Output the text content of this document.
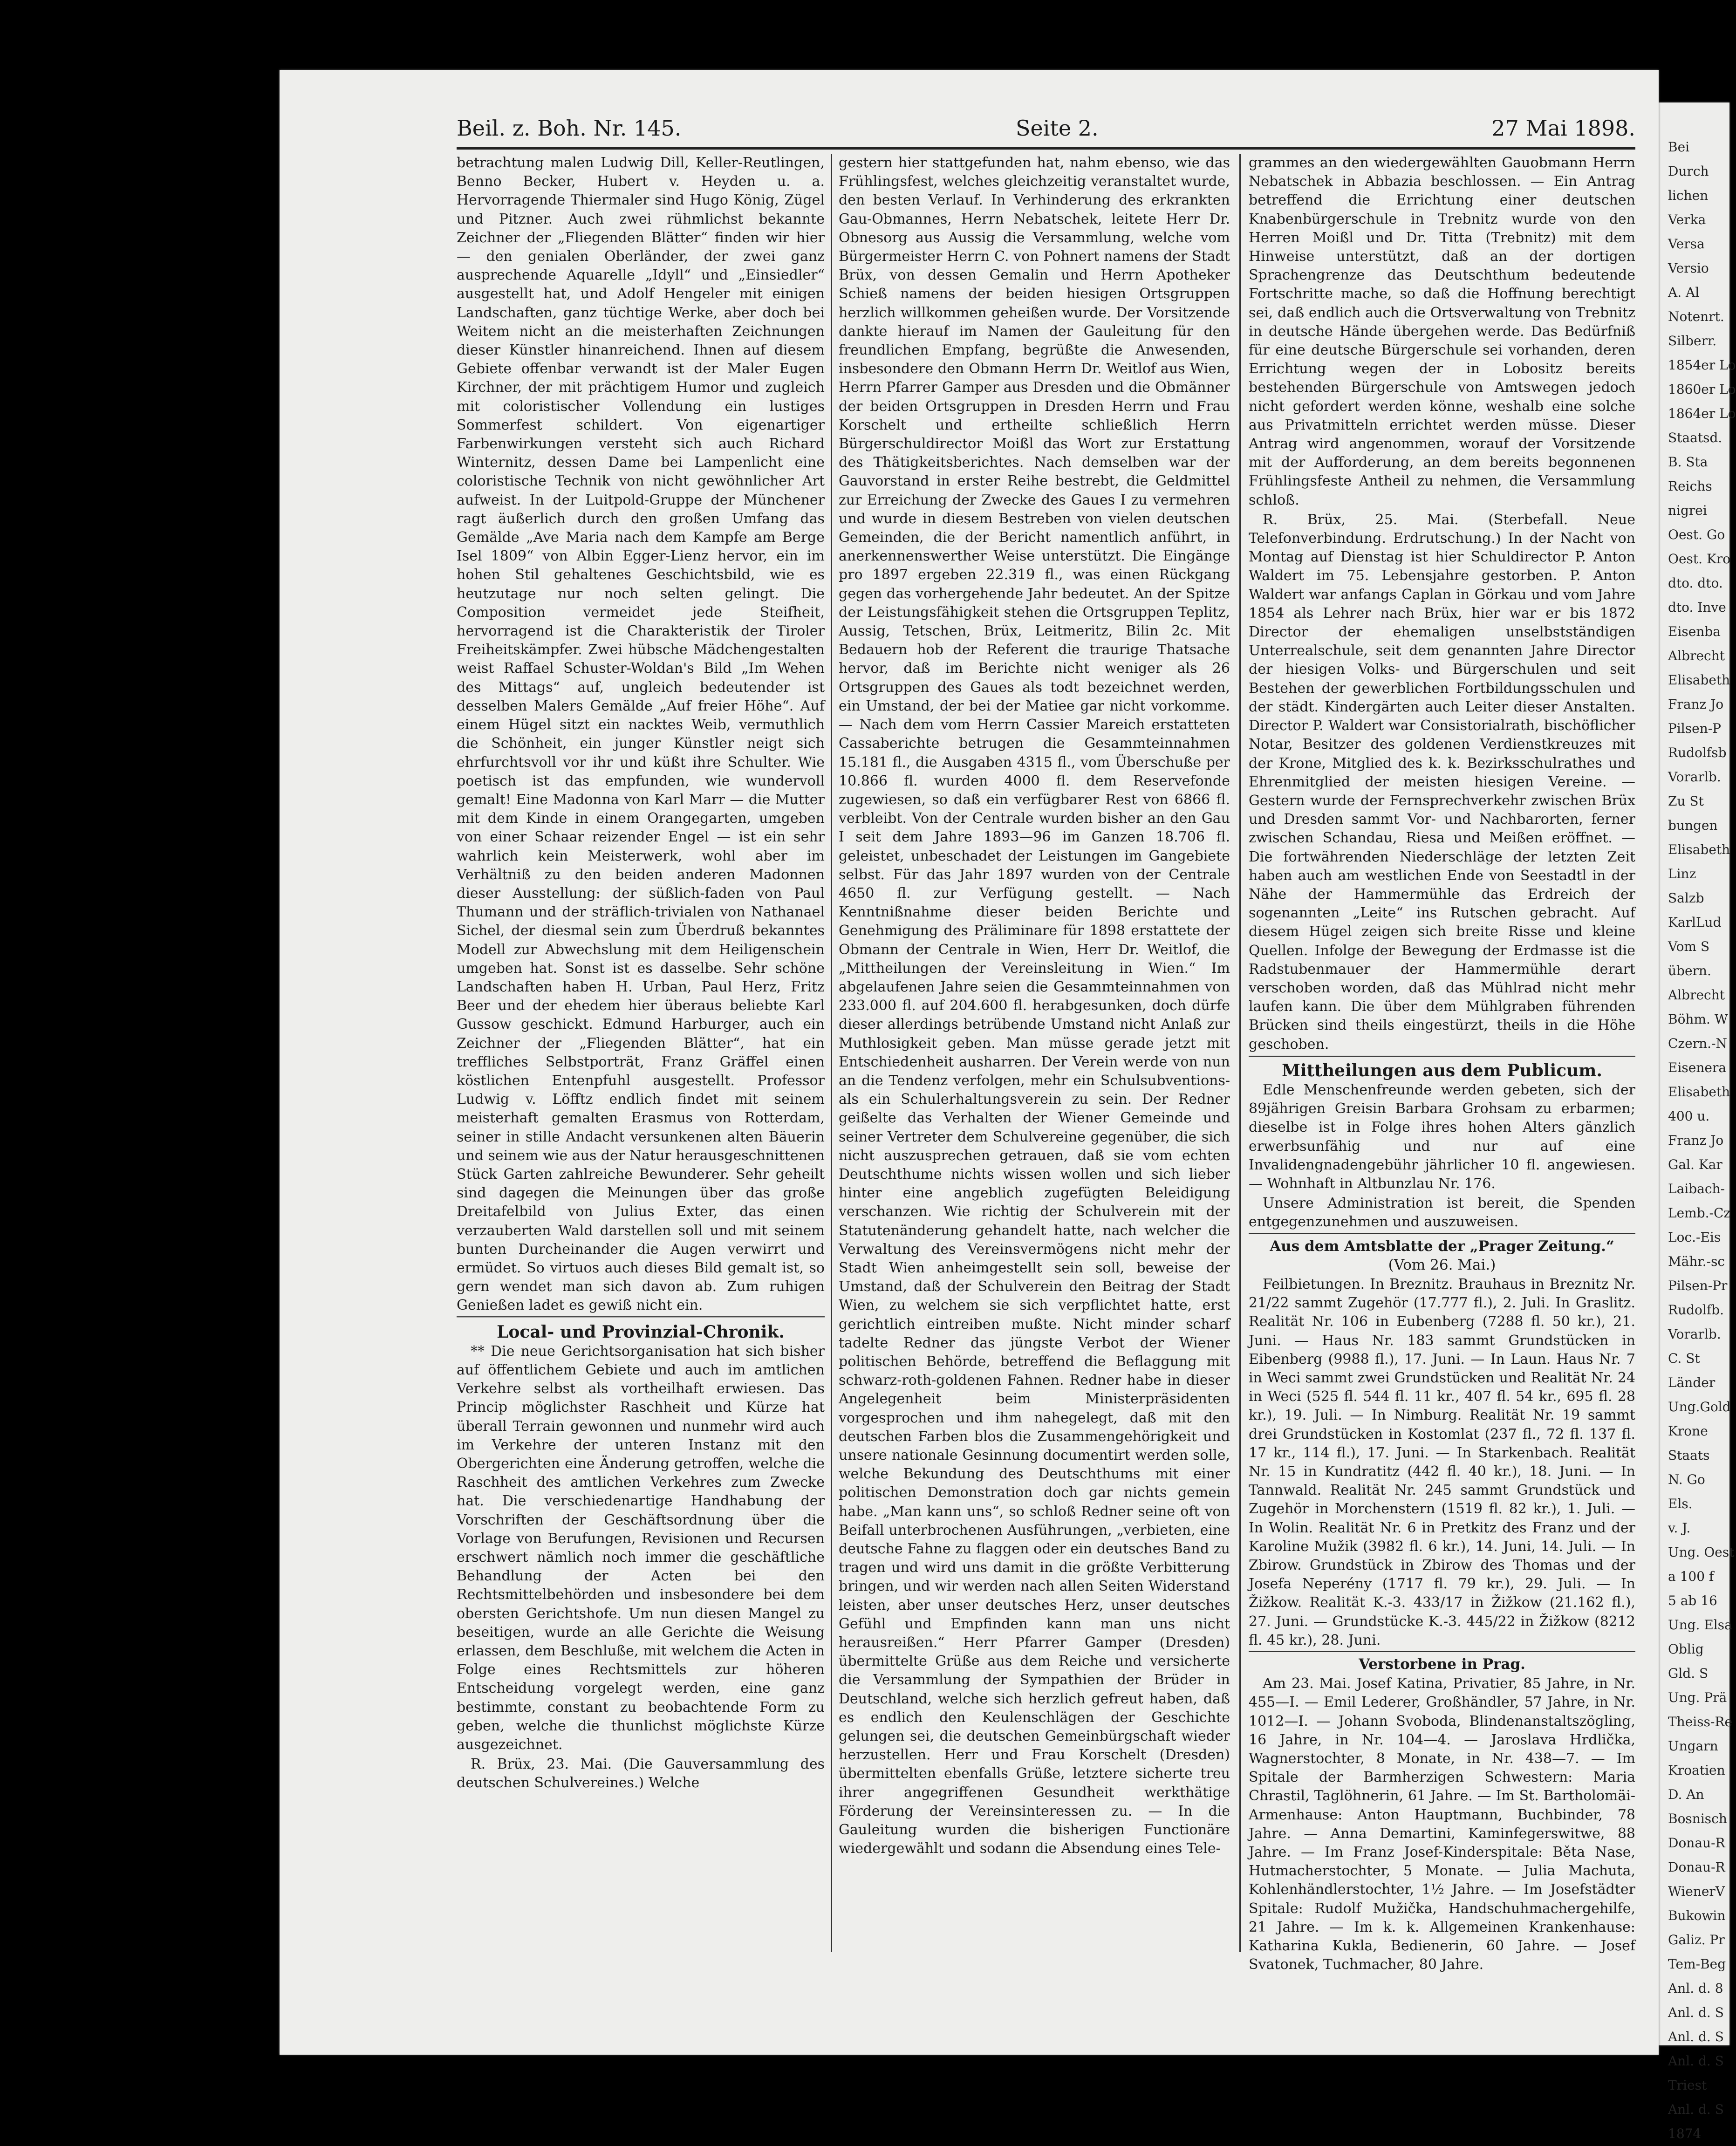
Beil. z. Boh. Nr. 145.	Seite 2.	27 Mai 1898.

betrachtung malen Ludwig Dill, Keller-Reutlingen, Benno Becker, Hubert v. Heyden u. a. Hervorragende Thiermaler sind Hugo König, Zügel und Pitzner. Auch zwei rühmlichst bekannte Zeichner der „Fliegenden Blätter“ finden wir hier — den genialen Oberländer, der zwei ganz ausprechende Aquarelle „Idyll“ und „Einsiedler“ ausgestellt hat, und Adolf Hengeler mit einigen Landschaften, ganz tüchtige Werke, aber doch bei Weitem nicht an die meisterhaften Zeichnungen dieser Künstler hinanreichend. Ihnen auf diesem Gebiete offenbar verwandt ist der Maler Eugen Kirchner, der mit prächtigem Humor und zugleich mit coloristischer Vollendung ein lustiges Sommerfest schildert. Von eigenartiger Farbenwirkungen versteht sich auch Richard Winternitz, dessen Dame bei Lampenlicht eine coloristische Technik von nicht gewöhnlicher Art aufweist. In der Luitpold-Gruppe der Münchener ragt äußerlich durch den großen Umfang das Gemälde „Ave Maria nach dem Kampfe am Berge Isel 1809“ von Albin Egger-Lienz hervor, ein im hohen Stil gehaltenes Geschichtsbild, wie es heutzutage nur noch selten gelingt. Die Composition vermeidet jede Steifheit, hervorragend ist die Charakteristik der Tiroler Freiheitskämpfer. Zwei hübsche Mädchengestalten weist Raffael Schuster-Woldan's Bild „Im Wehen des Mittags“ auf, ungleich bedeutender ist desselben Malers Gemälde „Auf freier Höhe“. Auf einem Hügel sitzt ein nacktes Weib, vermuthlich die Schönheit, ein junger Künstler neigt sich ehrfurchtsvoll vor ihr und küßt ihre Schulter. Wie poetisch ist das empfunden, wie wundervoll gemalt! Eine Madonna von Karl Marr — die Mutter mit dem Kinde in einem Orangegarten, umgeben von einer Schaar reizender Engel — ist ein sehr wahrlich kein Meisterwerk, wohl aber im Verhältniß zu den beiden anderen Madonnen dieser Ausstellung: der süßlich-faden von Paul Thumann und der sträflich-trivialen von Nathanael Sichel, der diesmal sein zum Überdruß bekanntes Modell zur Abwechslung mit dem Heiligenschein umgeben hat. Sonst ist es dasselbe. Sehr schöne Landschaften haben H. Urban, Paul Herz, Fritz Beer und der ehedem hier überaus beliebte Karl Gussow geschickt. Edmund Harburger, auch ein Zeichner der „Fliegenden Blätter“, hat ein treffliches Selbstporträt, Franz Gräffel einen köstlichen Entenpfuhl ausgestellt. Professor Ludwig v. Löfftz endlich findet mit seinem meisterhaft gemalten Erasmus von Rotterdam, seiner in stille Andacht versunkenen alten Bäuerin und seinem wie aus der Natur herausgeschnittenen Stück Garten zahlreiche Bewunderer. Sehr geheilt sind dagegen die Meinungen über das große Dreitafelbild von Julius Exter, das einen verzauberten Wald darstellen soll und mit seinem bunten Durcheinander die Augen verwirrt und ermüdet. So virtuos auch dieses Bild gemalt ist, so gern wendet man sich davon ab. Zum ruhigen Genießen ladet es gewiß nicht ein.

Local- und Provinzial-Chronik.

** Die neue Gerichtsorganisation hat sich bisher auf öffentlichem Gebiete und auch im amtlichen Verkehre selbst als vortheilhaft erwiesen. Das Princip möglichster Raschheit und Kürze hat überall Terrain gewonnen und nunmehr wird auch im Verkehre der unteren Instanz mit den Obergerichten eine Änderung getroffen, welche die Raschheit des amtlichen Verkehres zum Zwecke hat. Die verschiedenartige Handhabung der Vorschriften der Geschäftsordnung über die Vorlage von Berufungen, Revisionen und Recursen erschwert nämlich noch immer die geschäftliche Behandlung der Acten bei den Rechtsmittelbehörden und insbesondere bei dem obersten Gerichtshofe. Um nun diesen Mangel zu beseitigen, wurde an alle Gerichte die Weisung erlassen, dem Beschluße, mit welchem die Acten in Folge eines Rechtsmittels zur höheren Entscheidung vorgelegt werden, eine ganz bestimmte, constant zu beobachtende Form zu geben, welche die thunlichst möglichste Kürze ausgezeichnet.

R. Brüx, 23. Mai. (Die Gauversammlung des deutschen Schulvereines.) Welche

gestern hier stattgefunden hat, nahm ebenso, wie das Frühlingsfest, welches gleichzeitig veranstaltet wurde, den besten Verlauf. In Verhinderung des erkrankten Gau-Obmannes, Herrn Nebatschek, leitete Herr Dr. Obnesorg aus Aussig die Versammlung, welche vom Bürgermeister Herrn C. von Pohnert namens der Stadt Brüx, von dessen Gemalin und Herrn Apotheker Schieß namens der beiden hiesigen Ortsgruppen herzlich willkommen geheißen wurde. Der Vorsitzende dankte hierauf im Namen der Gauleitung für den freundlichen Empfang, begrüßte die Anwesenden, insbesondere den Obmann Herrn Dr. Weitlof aus Wien, Herrn Pfarrer Gamper aus Dresden und die Obmänner der beiden Ortsgruppen in Dresden Herrn und Frau Korschelt und ertheilte schließlich Herrn Bürgerschuldirector Moißl das Wort zur Erstattung des Thätigkeitsberichtes. Nach demselben war der Gauvorstand in erster Reihe bestrebt, die Geldmittel zur Erreichung der Zwecke des Gaues I zu vermehren und wurde in diesem Bestreben von vielen deutschen Gemeinden, die der Bericht namentlich anführt, in anerkennenswerther Weise unterstützt. Die Eingänge pro 1897 ergeben 22.319 fl., was einen Rückgang gegen das vorhergehende Jahr bedeutet. An der Spitze der Leistungsfähigkeit stehen die Ortsgruppen Teplitz, Aussig, Tetschen, Brüx, Leitmeritz, Bilin 2c. Mit Bedauern hob der Referent die traurige Thatsache hervor, daß im Berichte nicht weniger als 26 Ortsgruppen des Gaues als todt bezeichnet werden, ein Umstand, der bei der Matiee gar nicht vorkomme. — Nach dem vom Herrn Cassier Mareich erstatteten Cassaberichte betrugen die Gesammteinnahmen 15.181 fl., die Ausgaben 4315 fl., vom Überschuße per 10.866 fl. wurden 4000 fl. dem Reservefonde zugewiesen, so daß ein verfügbarer Rest von 6866 fl. verbleibt. Von der Centrale wurden bisher an den Gau I seit dem Jahre 1893—96 im Ganzen 18.706 fl. geleistet, unbeschadet der Leistungen im Gangebiete selbst. Für das Jahr 1897 wurden von der Centrale 4650 fl. zur Verfügung gestellt. — Nach Kenntnißnahme dieser beiden Berichte und Genehmigung des Präliminare für 1898 erstattete der Obmann der Centrale in Wien, Herr Dr. Weitlof, die „Mittheilungen der Vereinsleitung in Wien.“ Im abgelaufenen Jahre seien die Gesammteinnahmen von 233.000 fl. auf 204.600 fl. herabgesunken, doch dürfe dieser allerdings betrübende Umstand nicht Anlaß zur Muthlosigkeit geben. Man müsse gerade jetzt mit Entschiedenheit ausharren. Der Verein werde von nun an die Tendenz verfolgen, mehr ein Schulsubventions- als ein Schulerhaltungsverein zu sein. Der Redner geißelte das Verhalten der Wiener Gemeinde und seiner Vertreter dem Schulvereine gegenüber, die sich nicht auszusprechen getrauen, daß sie vom echten Deutschthume nichts wissen wollen und sich lieber hinter eine angeblich zugefügten Beleidigung verschanzen. Wie richtig der Schulverein mit der Statutenänderung gehandelt hatte, nach welcher die Verwaltung des Vereinsvermögens nicht mehr der Stadt Wien anheimgestellt sein soll, beweise der Umstand, daß der Schulverein den Beitrag der Stadt Wien, zu welchem sie sich verpflichtet hatte, erst gerichtlich eintreiben mußte. Nicht minder scharf tadelte Redner das jüngste Verbot der Wiener politischen Behörde, betreffend die Beflaggung mit schwarz-roth-goldenen Fahnen. Redner habe in dieser Angelegenheit beim Ministerpräsidenten vorgesprochen und ihm nahegelegt, daß mit den deutschen Farben blos die Zusammengehörigkeit und unsere nationale Gesinnung documentirt werden solle, welche Bekundung des Deutschthums mit einer politischen Demonstration doch gar nichts gemein habe. „Man kann uns“, so schloß Redner seine oft von Beifall unterbrochenen Ausführungen, „verbieten, eine deutsche Fahne zu flaggen oder ein deutsches Band zu tragen und wird uns damit in die größte Verbitterung bringen, und wir werden nach allen Seiten Widerstand leisten, aber unser deutsches Herz, unser deutsches Gefühl und Empfinden kann man uns nicht herausreißen.“ Herr Pfarrer Gamper (Dresden) übermittelte Grüße aus dem Reiche und versicherte die Versammlung der Sympathien der Brüder in Deutschland, welche sich herzlich gefreut haben, daß es endlich den Keulenschlägen der Geschichte gelungen sei, die deutschen Gemeinbürgschaft wieder herzustellen. Herr und Frau Korschelt (Dresden) übermittelten ebenfalls Grüße, letztere sicherte treu ihrer angegriffenen Gesundheit werkthätige Förderung der Vereinsinteressen zu. — In die Gauleitung wurden die bisherigen Functionäre wiedergewählt und sodann die Absendung eines Tele-

grammes an den wiedergewählten Gauobmann Herrn Nebatschek in Abbazia beschlossen. — Ein Antrag betreffend die Errichtung einer deutschen Knabenbürgerschule in Trebnitz wurde von den Herren Moißl und Dr. Titta (Trebnitz) mit dem Hinweise unterstützt, daß an der dortigen Sprachengrenze das Deutschthum bedeutende Fortschritte mache, so daß die Hoffnung berechtigt sei, daß endlich auch die Ortsverwaltung von Trebnitz in deutsche Hände übergehen werde. Das Bedürfniß für eine deutsche Bürgerschule sei vorhanden, deren Errichtung wegen der in Lobositz bereits bestehenden Bürgerschule von Amtswegen jedoch nicht gefordert werden könne, weshalb eine solche aus Privatmitteln errichtet werden müsse. Dieser Antrag wird angenommen, worauf der Vorsitzende mit der Aufforderung, an dem bereits begonnenen Frühlingsfeste Antheil zu nehmen, die Versammlung schloß.

R. Brüx, 25. Mai. (Sterbefall. Neue Telefonverbindung. Erdrutschung.) In der Nacht von Montag auf Dienstag ist hier Schuldirector P. Anton Waldert im 75. Lebensjahre gestorben. P. Anton Waldert war anfangs Caplan in Görkau und vom Jahre 1854 als Lehrer nach Brüx, hier war er bis 1872 Director der ehemaligen unselbstständigen Unterrealschule, seit dem genannten Jahre Director der hiesigen Volks- und Bürgerschulen und seit Bestehen der gewerblichen Fortbildungsschulen und der städt. Kindergärten auch Leiter dieser Anstalten. Director P. Waldert war Consistorialrath, bischöflicher Notar, Besitzer des goldenen Verdienstkreuzes mit der Krone, Mitglied des k. k. Bezirksschulrathes und Ehrenmitglied der meisten hiesigen Vereine. — Gestern wurde der Fernsprechverkehr zwischen Brüx und Dresden sammt Vor- und Nachbarorten, ferner zwischen Schandau, Riesa und Meißen eröffnet. — Die fortwährenden Niederschläge der letzten Zeit haben auch am westlichen Ende von Seestadtl in der Nähe der Hammermühle das Erdreich der sogenannten „Leite“ ins Rutschen gebracht. Auf diesem Hügel zeigen sich breite Risse und kleine Quellen. Infolge der Bewegung der Erdmasse ist die Radstubenmauer der Hammermühle derart verschoben worden, daß das Mühlrad nicht mehr laufen kann. Die über dem Mühlgraben führenden Brücken sind theils eingestürzt, theils in die Höhe geschoben.

Mittheilungen aus dem Publicum.

Edle Menschenfreunde werden gebeten, sich der 89jährigen Greisin Barbara Grohsam zu erbarmen; dieselbe ist in Folge ihres hohen Alters gänzlich erwerbsunfähig und nur auf eine Invalidengnadengebühr jährlicher 10 fl. angewiesen. — Wohnhaft in Altbunzlau Nr. 176.

Unsere Administration ist bereit, die Spenden entgegenzunehmen und auszuweisen.

Aus dem Amtsblatte der „Prager Zeitung.“

(Vom 26. Mai.)

Feilbietungen. In Breznitz. Brauhaus in Breznitz Nr. 21/22 sammt Zugehör (17.777 fl.), 2. Juli. In Graslitz. Realität Nr. 106 in Eubenberg (7288 fl. 50 kr.), 21. Juni. — Haus Nr. 183 sammt Grundstücken in Eibenberg (9988 fl.), 17. Juni. — In Laun. Haus Nr. 7 in Weci sammt zwei Grundstücken und Realität Nr. 24 in Weci (525 fl. 544 fl. 11 kr., 407 fl. 54 kr., 695 fl. 28 kr.), 19. Juli. — In Nimburg. Realität Nr. 19 sammt drei Grundstücken in Kostomlat (237 fl., 72 fl. 137 fl. 17 kr., 114 fl.), 17. Juni. — In Starkenbach. Realität Nr. 15 in Kundratitz (442 fl. 40 kr.), 18. Juni. — In Tannwald. Realität Nr. 245 sammt Grundstück und Zugehör in Morchenstern (1519 fl. 82 kr.), 1. Juli. — In Wolin. Realität Nr. 6 in Pretkitz des Franz und der Karoline Mužik (3982 fl. 6 kr.), 14. Juni, 14. Juli. — In Zbirow. Grundstück in Zbirow des Thomas und der Josefa Neperény (1717 fl. 79 kr.), 29. Juli. — In Žižkow. Realität K.-3. 433/17 in Žižkow (21.162 fl.), 27. Juni. — Grundstücke K.-3. 445/22 in Žižkow (8212 fl. 45 kr.), 28. Juni.

Verstorbene in Prag.

Am 23. Mai. Josef Katina, Privatier, 85 Jahre, in Nr. 455—I. — Emil Lederer, Großhändler, 57 Jahre, in Nr. 1012—I. — Johann Svoboda, Blindenanstaltszögling, 16 Jahre, in Nr. 104—4. — Jaroslava Hrdlička, Wagnerstochter, 8 Monate, in Nr. 438—7. — Im Spitale der Barmherzigen Schwestern: Maria Chrastil, Taglöhnerin, 61 Jahre. — Im St. Bartholomäi-Armenhause: Anton Hauptmann, Buchbinder, 78 Jahre. — Anna Demartini, Kaminfegerswitwe, 88 Jahre. — Im Franz Josef-Kinderspitale: Běta Nase, Hutmacherstochter, 5 Monate. — Julia Machuta, Kohlenhändlerstochter, 1½ Jahre. — Im Josefstädter Spitale: Rudolf Mužička, Handschuhmachergehilfe, 21 Jahre. — Im k. k. Allgemeinen Krankenhause: Katharina Kukla, Bedienerin, 60 Jahre. — Josef Svatonek, Tuchmacher, 80 Jahre.

Bei
Durch
lichen
Verka
Versa
Versio
A. Al
Notenrt.
Silberr.
1854er Lo
1860er Lo
1864er Lo
Staatsd.
B. Sta
Reichs
nigrei
Oest. Go
Oest. Kro
dto. dto.
dto. Inve
Eisenba
Albrecht
Elisabeth
Franz Jo
Pilsen-P
Rudolfsb
Vorarlb.
Zu St
bungen
Elisabeth
Linz
Salzb
KarlLud
Vom S
übern.
Albrecht
Böhm. W
Czern.-N
Eisenera
Elisabeth
400 u.
Franz Jo
Gal. Kar
Laibach-
Lemb.-Cz
Loc.-Eis
Mähr.-sc
Pilsen-Pr
Rudolfb.
Vorarlb.
C. St
Länder
Ung.Gold
Krone
Staats
N. Go
Els.
v. J.
Ung. Oest
a 100 f
5 ab 16
Ung. Elsa
Oblig
Gld. S
Ung. Prä
Theiss-Re
Ungarn
Kroatien
D. An
Bosnisch
Donau-R
Donau-R
WienerV
Bukowin
Galiz. Pr
Tem-Beg
Anl. d. 8
Anl. d. S
Anl. d. S
Anl. d. S
Triest
Anl. d. S
1874
